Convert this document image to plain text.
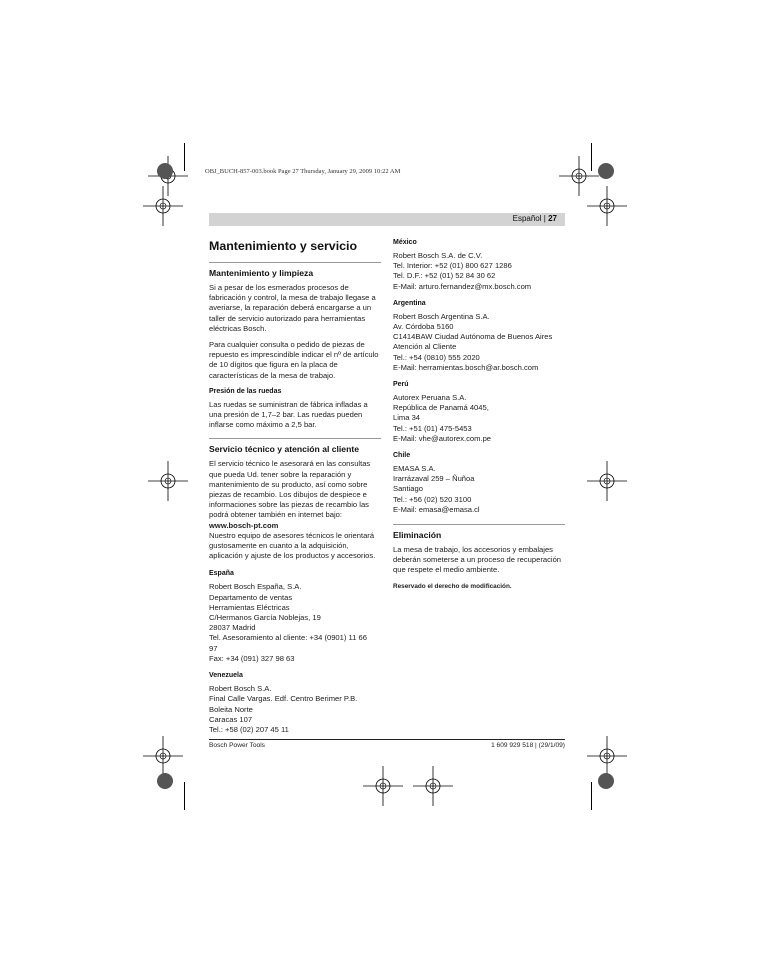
OBJ_BUCH-857-003.book Page 27 Thursday, January 29, 2009 10:22 AM
Español | 27
Mantenimiento y servicio
Mantenimiento y limpieza

Si a pesar de los esmerados procesos de fabricación y control, la mesa de trabajo llegase a averiarse, la reparación deberá encargarse a un taller de servicio autorizado para herramientas eléctricas Bosch.

Para cualquier consulta o pedido de piezas de repuesto es imprescindible indicar el nº de artículo de 10 dígitos que figura en la placa de características de la mesa de trabajo.

Presión de las ruedas

Las ruedas se suministran de fábrica infladas a una presión de 1,7–2 bar. Las ruedas pueden inflarse como máximo a 2,5 bar.

Servicio técnico y atención al cliente
El servicio técnico le asesorará en las consultas que pueda Ud. tener sobre la reparación y mantenimiento de su producto, así como sobre piezas de recambio. Los dibujos de despiece e informaciones sobre las piezas de recambio las podrá obtener también en internet bajo:
www.bosch-pt.com

Nuestro equipo de asesores técnicos le orientará gustosamente en cuanto a la adquisición, aplicación y ajuste de los productos y accesorios.

España
Robert Bosch España, S.A.
Departamento de ventas
Herramientas Eléctricas
C/Hermanos García Noblejas, 19
28037 Madrid
Tel. Asesoramiento al cliente: +34 (0901) 11 66
97
Fax: +34 (091) 327 98 63
Venezuela
Robert Bosch S.A.
Final Calle Vargas. Edf. Centro Berimer P.B.
Boleita Norte
Caracas 107
Tel.: +58 (02) 207 45 11
México
Robert Bosch S.A. de C.V.
Tel. Interior: +52 (01) 800 627 1286
Tel. D.F.: +52 (01) 52 84 30 62
E-Mail: arturo.fernandez@mx.bosch.com
Argentina
Robert Bosch Argentina S.A.
Av. Córdoba 5160
C1414BAW Ciudad Autónoma de Buenos Aires
Atención al Cliente
Tel.: +54 (0810) 555 2020
E-Mail: herramientas.bosch@ar.bosch.com
Perú
Autorex Peruana S.A.
República de Panamá 4045,
Lima 34
Tel.: +51 (01) 475-5453
E-Mail: vhe@autorex.com.pe
Chile
EMASA S.A.
Irarrázaval 259 – Ñuñoa
Santiago
Tel.: +56 (02) 520 3100
E-Mail: emasa@emasa.cl
Eliminación

La mesa de trabajo, los accesorios y embalajes deberán someterse a un proceso de recuperación que respete el medio ambiente.

Reservado el derecho de modificación.
Bosch Power Tools	1 609 929 518 | (29/1/09)
